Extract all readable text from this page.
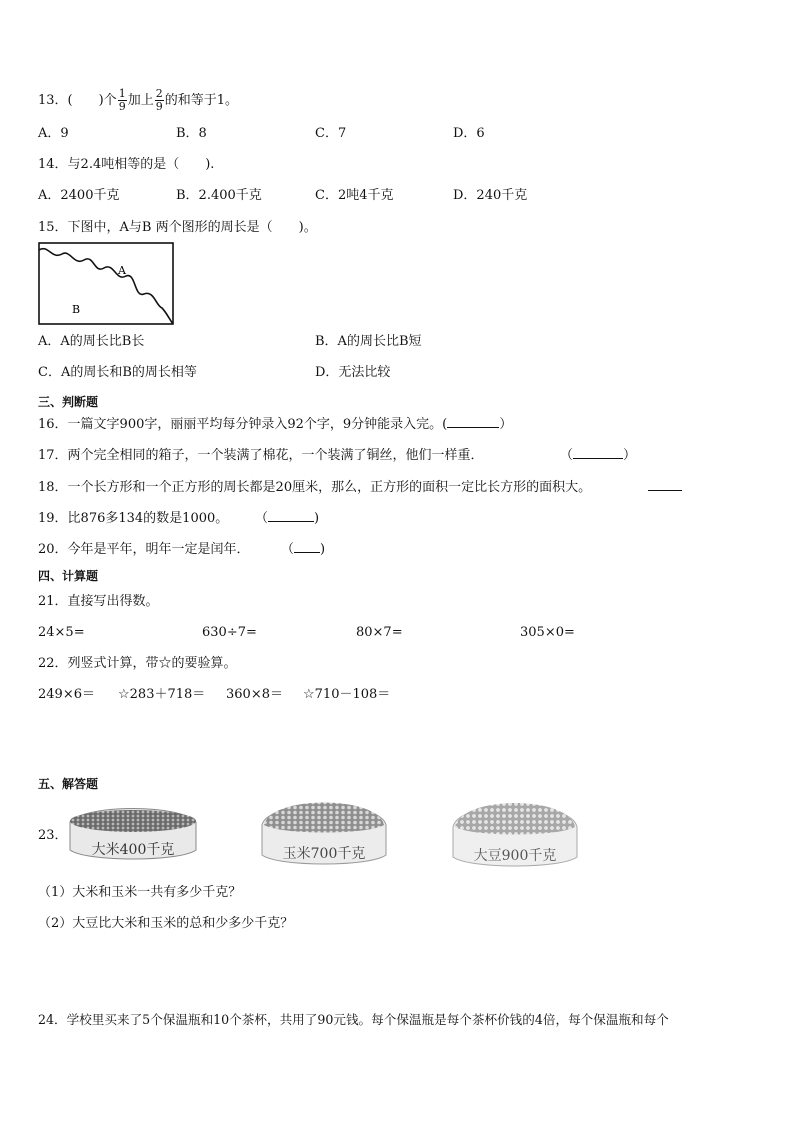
13．(　　)个 $\frac{1}{9}$ 加上 $\frac{2}{9}$ 的和等于1。
A．9	B．8	C．7	D．6
14．与2.4吨相等的是（　　).
A．2400千克	B．2.400千克	C．2吨4千克	D．240千克
15．下图中，A与B 两个图形的周长是（　　)。
A
B
A．A的周长比B长	B．A的周长比B短
C．A的周长和B的周长相等	D．无法比较
三、判断题
16．一篇文字900字，丽丽平均每分钟录入92个字，9分钟能录入完。(	）
17．两个完全相同的箱子，一个装满了棉花，一个装满了铜丝，他们一样重．	（	）
18．一个长方形和一个正方形的周长都是20厘米，那么，正方形的面积一定比长方形的面积大。
19．比876多134的数是1000。 （	)
20．今年是平年，明年一定是闰年． （ )
四、计算题
21．直接写出得数。
24×5=	630÷7=	80×7=	305×0=
22．列竖式计算，带☆的要验算。
249×6＝ ☆283＋718＝ 360×8＝ ☆710－108＝
五、解答题
23．
大米400千克	玉米700千克	大豆900千克
（1）大米和玉米一共有多少千克？
（2）大豆比大米和玉米的总和少多少千克？
24．学校里买来了5个保温瓶和10个茶杯，共用了90元钱。每个保温瓶是每个茶杯价钱的4倍，每个保温瓶和每个
